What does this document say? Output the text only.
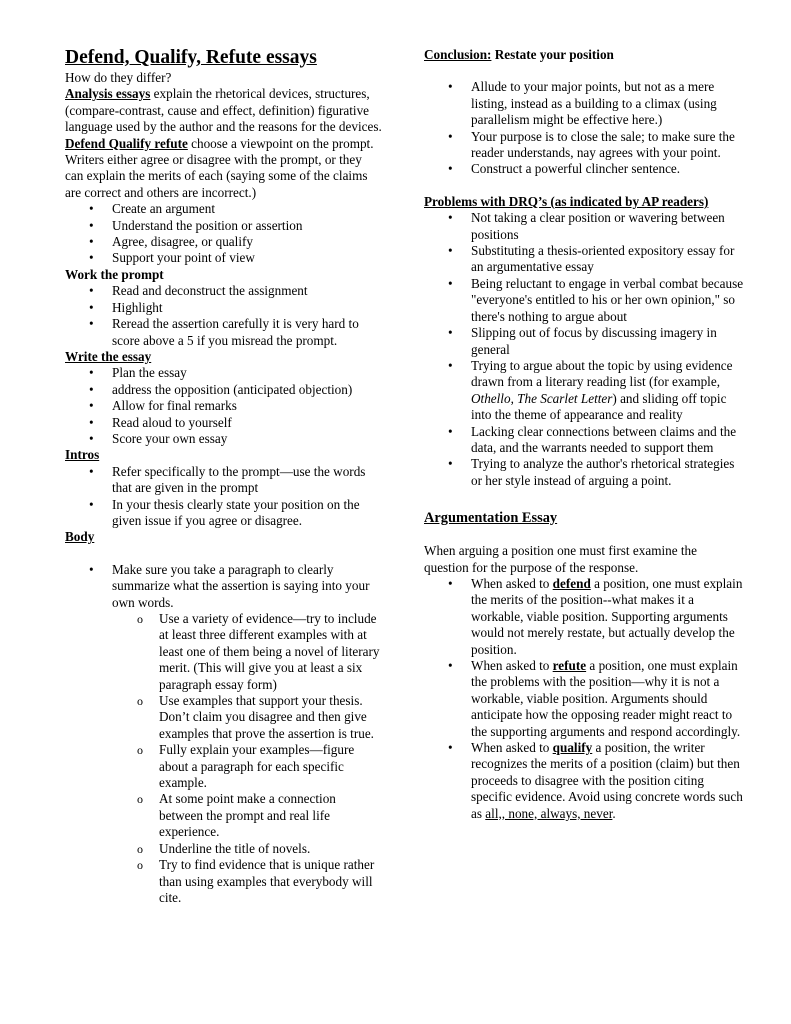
Defend, Qualify, Refute essays

How do they differ?

Analysis essays explain the rhetorical devices, structures, (compare-contrast, cause and effect, definition) figurative language used by the author and the reasons for the devices.

Defend Qualify refute choose a viewpoint on the prompt. Writers either agree or disagree with the prompt, or they can explain the merits of each (saying some of the claims are correct and others are incorrect.)

• Create an argument
• Understand the position or assertion
• Agree, disagree, or qualify
• Support your point of view

Work the prompt

• Read and deconstruct the assignment
• Highlight
• Reread the assertion carefully it is very hard to score above a 5 if you misread the prompt.

Write the essay

• Plan the essay
• address the opposition (anticipated objection)
• Allow for final remarks
• Read aloud to yourself
• Score your own essay

Intros

• Refer specifically to the prompt—use the words that are given in the prompt
• In your thesis clearly state your position on the given issue if you agree or disagree.

Body

• Make sure you take a paragraph to clearly summarize what the assertion is saying into your own words.
o Use a variety of evidence—try to include at least three different examples with at least one of them being a novel of literary merit. (This will give you at least a six paragraph essay form)
o Use examples that support your thesis. Don’t claim you disagree and then give examples that prove the assertion is true.
o Fully explain your examples—figure about a paragraph for each specific example.
o At some point make a connection between the prompt and real life experience.
o Underline the title of novels.
o Try to find evidence that is unique rather than using examples that everybody will cite.

Conclusion: Restate your position

• Allude to your major points, but not as a mere listing, instead as a building to a climax (using parallelism might be effective here.)
• Your purpose is to close the sale; to make sure the reader understands, nay agrees with your point.
• Construct a powerful clincher sentence.

Problems with DRQ’s (as indicated by AP readers)

• Not taking a clear position or wavering between positions
• Substituting a thesis-oriented expository essay for an argumentative essay
• Being reluctant to engage in verbal combat because "everyone's entitled to his or her own opinion," so there's nothing to argue about
• Slipping out of focus by discussing imagery in general
• Trying to argue about the topic by using evidence drawn from a literary reading list (for example, Othello, The Scarlet Letter) and sliding off topic into the theme of appearance and reality
• Lacking clear connections between claims and the data, and the warrants needed to support them
• Trying to analyze the author's rhetorical strategies or her style instead of arguing a point.

Argumentation Essay

When arguing a position one must first examine the question for the purpose of the response.

• When asked to defend a position, one must explain the merits of the position--what makes it a workable, viable position. Supporting arguments would not merely restate, but actually develop the position.
• When asked to refute a position, one must explain the problems with the position—why it is not a workable, viable position. Arguments should anticipate how the opposing reader might react to the supporting arguments and respond accordingly.
• When asked to qualify a position, the writer recognizes the merits of a position (claim) but then proceeds to disagree with the position citing specific evidence. Avoid using concrete words such as all,, none, always, never.
